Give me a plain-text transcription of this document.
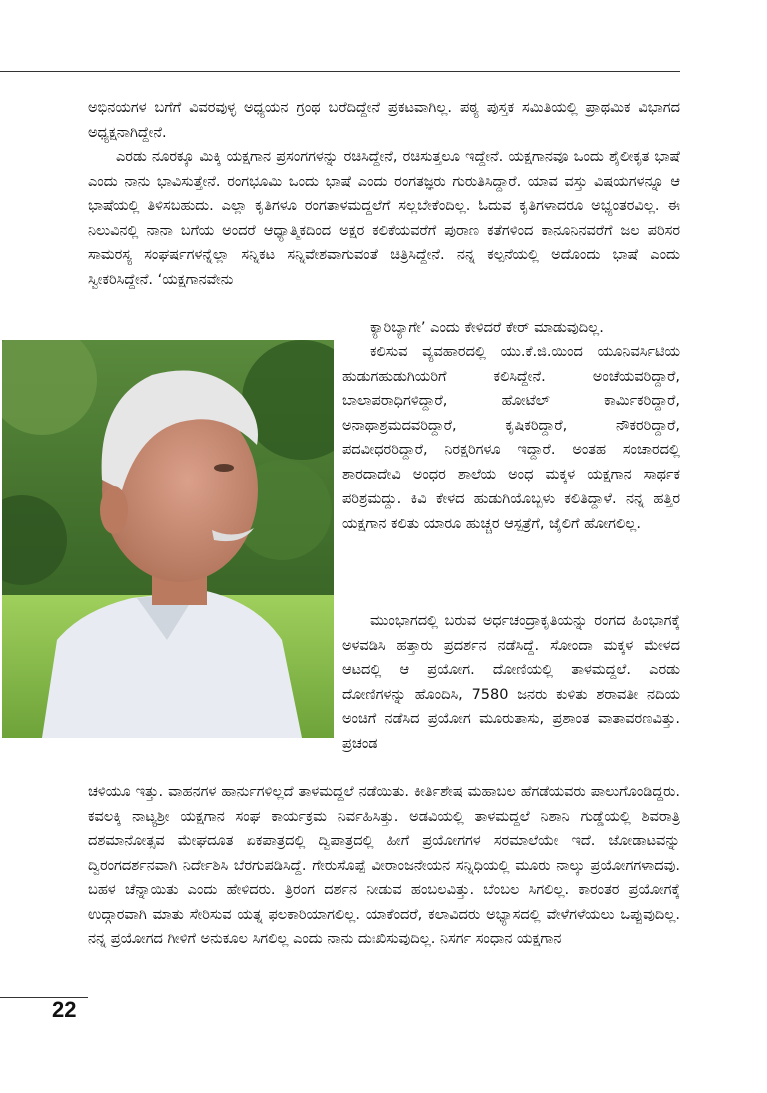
ಅಭಿನಯಗಳ ಬಗೆಗೆ ವಿವರವುಳ್ಳ ಅಧ್ಯಯನ ಗ್ರಂಥ ಬರೆದಿದ್ದೇನೆ ಪ್ರಕಟವಾಗಿಲ್ಲ. ಪಠ್ಯ ಪುಸ್ತಕ ಸಮಿತಿಯಲ್ಲಿ ಪ್ರಾಥಮಿಕ ವಿಭಾಗದ ಅಧ್ಯಕ್ಷನಾಗಿದ್ದೇನೆ.

ಎರಡು ನೂರಕ್ಕೂ ಮಿಕ್ಕಿ ಯಕ್ಷಗಾನ ಪ್ರಸಂಗಗಳನ್ನು ರಚಿಸಿದ್ದೇನೆ, ರಚಿಸುತ್ತಲೂ ಇದ್ದೇನೆ. ಯಕ್ಷಗಾನವೂ ಒಂದು ಶೈಲೀಕೃತ ಭಾಷೆ ಎಂದು ನಾನು ಭಾವಿಸುತ್ತೇನೆ. ರಂಗಭೂಮಿ ಒಂದು ಭಾಷೆ ಎಂದು ರಂಗತಜ್ಞರು ಗುರುತಿಸಿದ್ದಾರೆ. ಯಾವ ವಸ್ತು ವಿಷಯಗಳನ್ನೂ ಆ ಭಾಷೆಯಲ್ಲಿ ತಿಳಿಸಬಹುದು. ಎಲ್ಲಾ ಕೃತಿಗಳೂ ರಂಗತಾಳಮದ್ದಲೆಗೆ ಸಲ್ಲಬೇಕೆಂದಿಲ್ಲ. ಓದುವ ಕೃತಿಗಳಾದರೂ ಅಭ್ಯಂತರವಿಲ್ಲ. ಈ ನಿಲುವಿನಲ್ಲಿ ನಾನಾ ಬಗೆಯ ಅಂದರೆ ಆಧ್ಯಾತ್ಮಿಕದಿಂದ ಅಕ್ಷರ ಕಲಿಕೆಯವರೆಗೆ ಪುರಾಣ ಕತೆಗಳಿಂದ ಕಾನೂನಿನವರೆಗೆ ಜಲ ಪರಿಸರ ಸಾಮರಸ್ಯ ಸಂಘರ್ಷಗಳನ್ನೆಲ್ಲಾ ಸನ್ನಿಕಟ ಸನ್ನಿವೇಶವಾಗುವಂತೆ ಚಿತ್ರಿಸಿದ್ದೇನೆ. ನನ್ನ ಕಲ್ಪನೆಯಲ್ಲಿ ಅದೊಂದು ಭಾಷೆ ಎಂದು ಸ್ವೀಕರಿಸಿದ್ದೇನೆ. ‘ಯಕ್ಷಗಾನವೇನು

ಕ್ಯಾರಿಬ್ಯಾಗೇ’ ಎಂದು ಕೇಳಿದರೆ ಕೇರ್ ಮಾಡುವುದಿಲ್ಲ.

ಕಲಿಸುವ ವ್ಯವಹಾರದಲ್ಲಿ ಯು.ಕೆ.ಜಿ.ಯಿಂದ ಯೂನಿವರ್ಸಿಟಿಯ ಹುಡುಗಹುಡುಗಿಯರಿಗೆ ಕಲಿಸಿದ್ದೇನೆ. ಅಂಚೆಯವರಿದ್ದಾರೆ, ಬಾಲಾಪರಾಧಿಗಳಿದ್ದಾರೆ, ಹೋಟೆಲ್ ಕಾರ್ಮಿಕರಿದ್ದಾರೆ, ಅನಾಥಾಶ್ರಮದವರಿದ್ದಾರೆ, ಕೃಷಿಕರಿದ್ದಾರೆ, ನೌಕರರಿದ್ದಾರೆ, ಪದವೀಧರರಿದ್ದಾರೆ, ನಿರಕ್ಷರಿಗಳೂ ಇದ್ದಾರೆ. ಅಂತಹ ಸಂಚಾರದಲ್ಲಿ ಶಾರದಾದೇವಿ ಅಂಧರ ಶಾಲೆಯ ಅಂಧ ಮಕ್ಕಳ ಯಕ್ಷಗಾನ ಸಾರ್ಥಕ ಪರಿಶ್ರಮದ್ದು. ಕಿವಿ ಕೇಳದ ಹುಡುಗಿಯೊಬ್ಬಳು ಕಲಿತಿದ್ದಾಳೆ. ನನ್ನ ಹತ್ತಿರ ಯಕ್ಷಗಾನ ಕಲಿತು ಯಾರೂ ಹುಚ್ಚರ ಆಸ್ಪತ್ರೆಗೆ, ಜೈಲಿಗೆ ಹೋಗಲಿಲ್ಲ.

ಮುಂಭಾಗದಲ್ಲಿ ಬರುವ ಅರ್ಧಚಂದ್ರಾಕೃತಿಯನ್ನು ರಂಗದ ಹಿಂಭಾಗಕ್ಕೆ ಅಳವಡಿಸಿ ಹತ್ತಾರು ಪ್ರದರ್ಶನ ನಡೆಸಿದ್ದೆ. ಸೋಂದಾ ಮಕ್ಕಳ ಮೇಳದ ಆಟದಲ್ಲಿ ಆ ಪ್ರಯೋಗ. ದೋಣಿಯಲ್ಲಿ ತಾಳಮದ್ದಲೆ. ಎರಡು ದೋಣಿಗಳನ್ನು ಹೊಂದಿಸಿ, 7580 ಜನರು ಕುಳಿತು ಶರಾವತೀ ನದಿಯ ಅಂಚಿಗೆ ನಡೆಸಿದ ಪ್ರಯೋಗ ಮೂರುತಾಸು, ಪ್ರಶಾಂತ ವಾತಾವರಣವಿತ್ತು. ಪ್ರಚಂಡ

ಚಳಿಯೂ ಇತ್ತು. ವಾಹನಗಳ ಹಾರ್ನುಗಳಿಲ್ಲದೆ ತಾಳಮದ್ದಲೆ ನಡೆಯಿತು. ಕೀರ್ತಿಶೇಷ ಮಹಾಬಲ ಹೆಗಡೆಯವರು ಪಾಲುಗೊಂಡಿದ್ದರು. ಕವಲಕ್ಕಿ ನಾಟ್ಯಶ್ರೀ ಯಕ್ಷಗಾನ ಸಂಘ ಕಾರ್ಯಕ್ರಮ ನಿರ್ವಹಿಸಿತ್ತು. ಅಡವಿಯಲ್ಲಿ ತಾಳಮದ್ದಲೆ ನಿಶಾನಿ ಗುಡ್ಡೆಯಲ್ಲಿ ಶಿವರಾತ್ರಿ ದಶಮಾನೋತ್ಸವ ಮೇಘದೂತ ಏಕಪಾತ್ರದಲ್ಲಿ ದ್ವಿಪಾತ್ರದಲ್ಲಿ ಹೀಗೆ ಪ್ರಯೋಗಗಳ ಸರಮಾಲೆಯೇ ಇದೆ. ಜೋಡಾಟವನ್ನು ದ್ವಿರಂಗದರ್ಶನವಾಗಿ ನಿರ್ದೇಶಿಸಿ ಬೆರಗುಪಡಿಸಿದ್ದೆ. ಗೇರುಸೊಪ್ಪೆ ವೀರಾಂಜನೇಯನ ಸನ್ನಿಧಿಯಲ್ಲಿ ಮೂರು ನಾಲ್ಕು ಪ್ರಯೋಗಗಳಾದವು. ಬಹಳ ಚೆನ್ನಾಯಿತು ಎಂದು ಹೇಳಿದರು. ತ್ರಿರಂಗ ದರ್ಶನ ನೀಡುವ ಹಂಬಲವಿತ್ತು. ಬೆಂಬಲ ಸಿಗಲಿಲ್ಲ. ಕಾರಂತರ ಪ್ರಯೋಗಕ್ಕೆ ಉದ್ಗಾರವಾಗಿ ಮಾತು ಸೇರಿಸುವ ಯತ್ನ ಫಲಕಾರಿಯಾಗಲಿಲ್ಲ. ಯಾಕೆಂದರೆ, ಕಲಾವಿದರು ಅಭ್ಯಾಸದಲ್ಲಿ ವೇಳೆಗಳೆಯಲು ಒಪ್ಪುವುದಿಲ್ಲ. ನನ್ನ ಪ್ರಯೋಗದ ಗೀಳಿಗೆ ಅನುಕೂಲ ಸಿಗಲಿಲ್ಲ ಎಂದು ನಾನು ದುಃಖಿಸುವುದಿಲ್ಲ. ನಿಸರ್ಗ ಸಂಧಾನ ಯಕ್ಷಗಾನ

22
